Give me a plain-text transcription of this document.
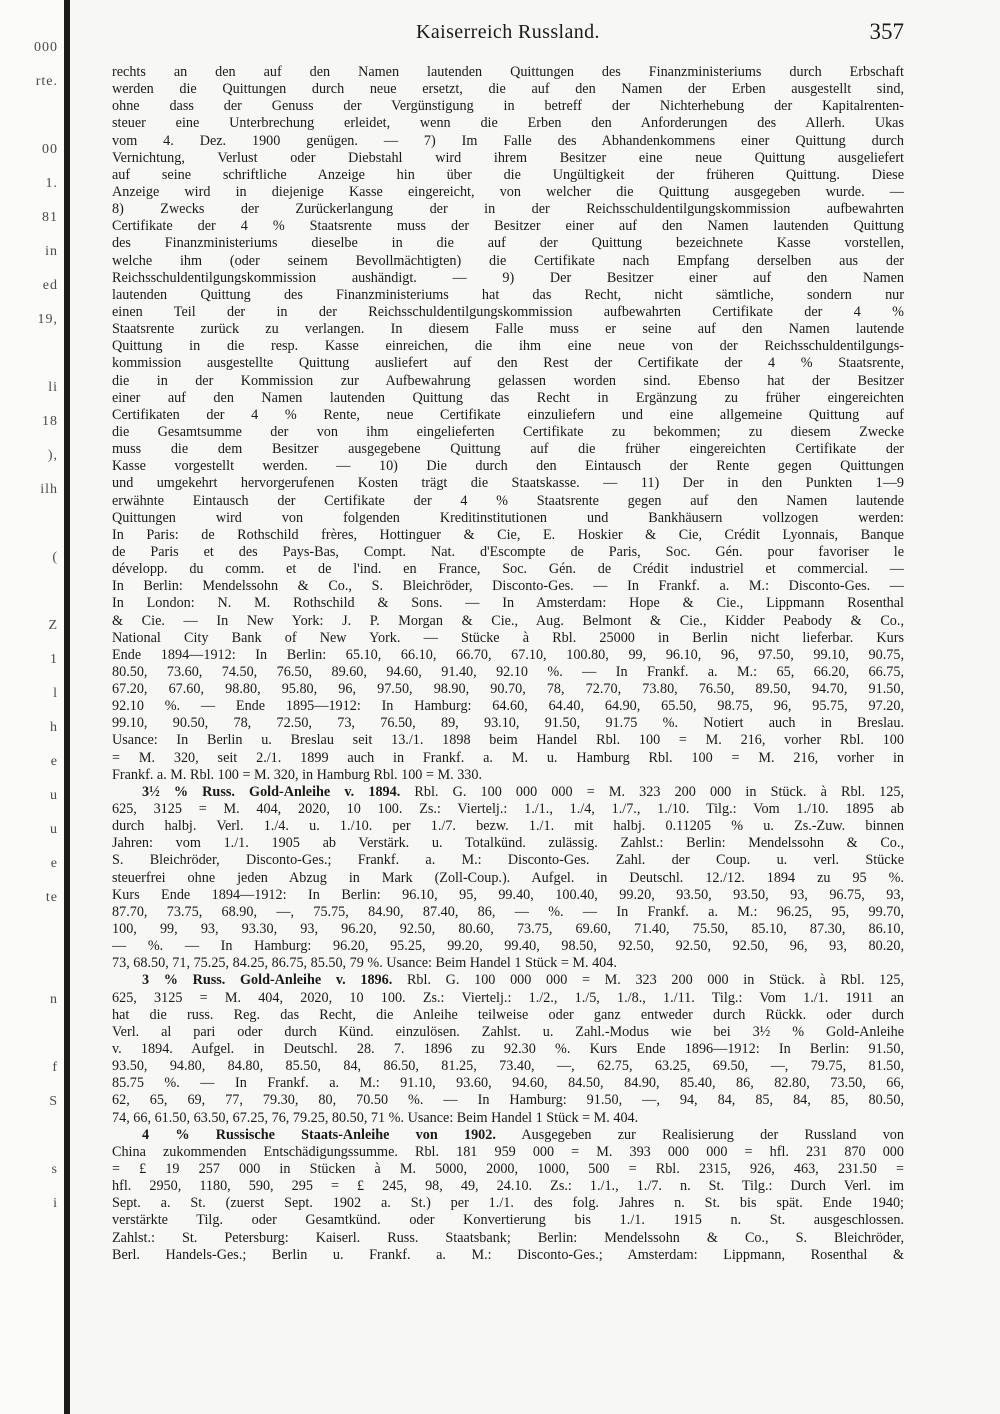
000
rte.
00
1.
81
in
ed
19,
li
18
),
ilh
(
Z
1
l
h
e
u
u
e
te
n
f
S
s
i
Kaiserreich Russland.	357
rechts an den auf den Namen lautenden Quittungen des Finanzministeriums durch Erbschaft
werden die Quittungen durch neue ersetzt, die auf den Namen der Erben ausgestellt sind,
ohne dass der Genuss der Vergünstigung in betreff der Nichterhebung der Kapitalrenten-
steuer eine Unterbrechung erleidet, wenn die Erben den Anforderungen des Allerh. Ukas
vom 4. Dez. 1900 genügen. — 7) Im Falle des Abhandenkommens einer Quittung durch
Vernichtung, Verlust oder Diebstahl wird ihrem Besitzer eine neue Quittung ausgeliefert
auf seine schriftliche Anzeige hin über die Ungültigkeit der früheren Quittung. Diese
Anzeige wird in diejenige Kasse eingereicht, von welcher die Quittung ausgegeben wurde. —
8) Zwecks der Zurückerlangung der in der Reichsschuldentilgungskommission aufbewahrten
Certifikate der 4 % Staatsrente muss der Besitzer einer auf den Namen lautenden Quittung
des Finanzministeriums dieselbe in die auf der Quittung bezeichnete Kasse vorstellen,
welche ihm (oder seinem Bevollmächtigten) die Certifikate nach Empfang derselben aus der
Reichsschuldentilgungskommission aushändigt. — 9) Der Besitzer einer auf den Namen
lautenden Quittung des Finanzministeriums hat das Recht, nicht sämtliche, sondern nur
einen Teil der in der Reichsschuldentilgungskommission aufbewahrten Certifikate der 4 %
Staatsrente zurück zu verlangen. In diesem Falle muss er seine auf den Namen lautende
Quittung in die resp. Kasse einreichen, die ihm eine neue von der Reichsschuldentilgungs-
kommission ausgestellte Quittung ausliefert auf den Rest der Certifikate der 4 % Staatsrente,
die in der Kommission zur Aufbewahrung gelassen worden sind. Ebenso hat der Besitzer
einer auf den Namen lautenden Quittung das Recht in Ergänzung zu früher eingereichten
Certifikaten der 4 % Rente, neue Certifikate einzuliefern und eine allgemeine Quittung auf
die Gesamtsumme der von ihm eingelieferten Certifikate zu bekommen; zu diesem Zwecke
muss die dem Besitzer ausgegebene Quittung auf die früher eingereichten Certifikate der
Kasse vorgestellt werden. — 10) Die durch den Eintausch der Rente gegen Quittungen
und umgekehrt hervorgerufenen Kosten trägt die Staatskasse. — 11) Der in den Punkten 1—9
erwähnte Eintausch der Certifikate der 4 % Staatsrente gegen auf den Namen lautende
Quittungen wird von folgenden Kreditinstitutionen und Bankhäusern vollzogen werden:
In Paris: de Rothschild frères, Hottinguer & Cie, E. Hoskier & Cie, Crédit Lyonnais, Banque
de Paris et des Pays-Bas, Compt. Nat. d'Escompte de Paris, Soc. Gén. pour favoriser le
développ. du comm. et de l'ind. en France, Soc. Gén. de Crédit industriel et commercial. —
In Berlin: Mendelssohn & Co., S. Bleichröder, Disconto-Ges. — In Frankf. a. M.: Disconto-Ges. —
In London: N. M. Rothschild & Sons. — In Amsterdam: Hope & Cie., Lippmann Rosenthal
& Cie. — In New York: J. P. Morgan & Cie., Aug. Belmont & Cie., Kidder Peabody & Co.,
National City Bank of New York. — Stücke à Rbl. 25000 in Berlin nicht lieferbar. Kurs
Ende 1894—1912: In Berlin: 65.10, 66.10, 66.70, 67.10, 100.80, 99, 96.10, 96, 97.50, 99.10, 90.75,
80.50, 73.60, 74.50, 76.50, 89.60, 94.60, 91.40, 92.10 %. — In Frankf. a. M.: 65, 66.20, 66.75,
67.20, 67.60, 98.80, 95.80, 96, 97.50, 98.90, 90.70, 78, 72.70, 73.80, 76.50, 89.50, 94.70, 91.50,
92.10 %. — Ende 1895—1912: In Hamburg: 64.60, 64.40, 64.90, 65.50, 98.75, 96, 95.75, 97.20,
99.10, 90.50, 78, 72.50, 73, 76.50, 89, 93.10, 91.50, 91.75 %. Notiert auch in Breslau.
Usance: In Berlin u. Breslau seit 13./1. 1898 beim Handel Rbl. 100 = M. 216, vorher Rbl. 100
= M. 320, seit 2./1. 1899 auch in Frankf. a. M. u. Hamburg Rbl. 100 = M. 216, vorher in
Frankf. a. M. Rbl. 100 = M. 320, in Hamburg Rbl. 100 = M. 330.
3½ % Russ. Gold-Anleihe v. 1894. Rbl. G. 100 000 000 = M. 323 200 000 in Stück. à Rbl. 125,
625, 3125 = M. 404, 2020, 10 100. Zs.: Viertelj.: 1./1., 1./4, 1./7., 1./10. Tilg.: Vom 1./10. 1895 ab
durch halbj. Verl. 1./4. u. 1./10. per 1./7. bezw. 1./1. mit halbj. 0.11205 % u. Zs.-Zuw. binnen
Jahren: vom 1./1. 1905 ab Verstärk. u. Totalkünd. zulässig. Zahlst.: Berlin: Mendelssohn & Co.,
S. Bleichröder, Disconto-Ges.; Frankf. a. M.: Disconto-Ges. Zahl. der Coup. u. verl. Stücke
steuerfrei ohne jeden Abzug in Mark (Zoll-Coup.). Aufgel. in Deutschl. 12./12. 1894 zu 95 %.
Kurs Ende 1894—1912: In Berlin: 96.10, 95, 99.40, 100.40, 99.20, 93.50, 93.50, 93, 96.75, 93,
87.70, 73.75, 68.90, —, 75.75, 84.90, 87.40, 86, — %. — In Frankf. a. M.: 96.25, 95, 99.70,
100, 99, 93, 93.30, 93, 96.20, 92.50, 80.60, 73.75, 69.60, 71.40, 75.50, 85.10, 87.30, 86.10,
— %. — In Hamburg: 96.20, 95.25, 99.20, 99.40, 98.50, 92.50, 92.50, 92.50, 96, 93, 80.20,
73, 68.50, 71, 75.25, 84.25, 86.75, 85.50, 79 %. Usance: Beim Handel 1 Stück = M. 404.
3 % Russ. Gold-Anleihe v. 1896. Rbl. G. 100 000 000 = M. 323 200 000 in Stück. à Rbl. 125,
625, 3125 = M. 404, 2020, 10 100. Zs.: Viertelj.: 1./2., 1./5, 1./8., 1./11. Tilg.: Vom 1./1. 1911 an
hat die russ. Reg. das Recht, die Anleihe teilweise oder ganz entweder durch Rückk. oder durch
Verl. al pari oder durch Künd. einzulösen. Zahlst. u. Zahl.-Modus wie bei 3½ % Gold-Anleihe
v. 1894. Aufgel. in Deutschl. 28. 7. 1896 zu 92.30 %. Kurs Ende 1896—1912: In Berlin: 91.50,
93.50, 94.80, 84.80, 85.50, 84, 86.50, 81.25, 73.40, —, 62.75, 63.25, 69.50, —, 79.75, 81.50,
85.75 %. — In Frankf. a. M.: 91.10, 93.60, 94.60, 84.50, 84.90, 85.40, 86, 82.80, 73.50, 66,
62, 65, 69, 77, 79.30, 80, 70.50 %. — In Hamburg: 91.50, —, 94, 84, 85, 84, 85, 80.50,
74, 66, 61.50, 63.50, 67.25, 76, 79.25, 80.50, 71 %. Usance: Beim Handel 1 Stück = M. 404.
4 % Russische Staats-Anleihe von 1902. Ausgegeben zur Realisierung der Russland von
China zukommenden Entschädigungssumme. Rbl. 181 959 000 = M. 393 000 000 = hfl. 231 870 000
= £ 19 257 000 in Stücken à M. 5000, 2000, 1000, 500 = Rbl. 2315, 926, 463, 231.50 =
hfl. 2950, 1180, 590, 295 = £ 245, 98, 49, 24.10. Zs.: 1./1., 1./7. n. St. Tilg.: Durch Verl. im
Sept. a. St. (zuerst Sept. 1902 a. St.) per 1./1. des folg. Jahres n. St. bis spät. Ende 1940;
verstärkte Tilg. oder Gesamtkünd. oder Konvertierung bis 1./1. 1915 n. St. ausgeschlossen.
Zahlst.: St. Petersburg: Kaiserl. Russ. Staatsbank; Berlin: Mendelssohn & Co., S. Bleichröder,
Berl. Handels-Ges.; Berlin u. Frankf. a. M.: Disconto-Ges.; Amsterdam: Lippmann, Rosenthal &
